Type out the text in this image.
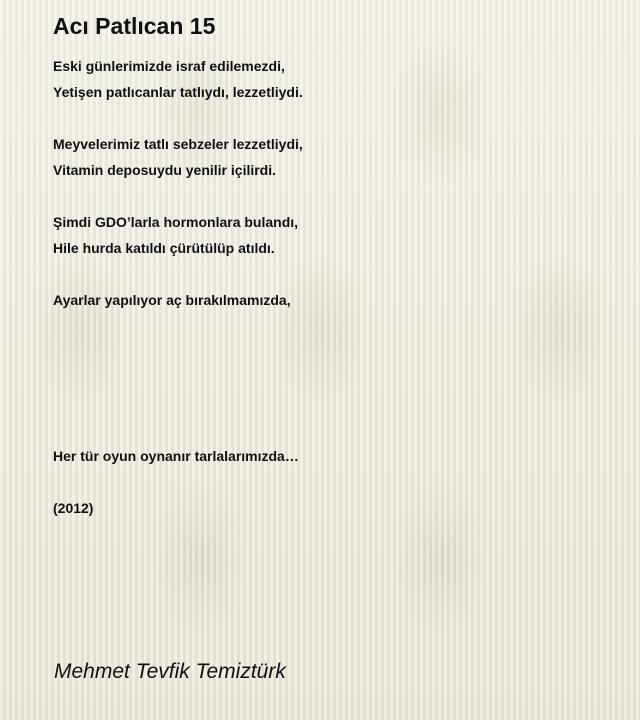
Acı Patlıcan 15
Eski günlerimizde israf edilemezdi,
Yetişen patlıcanlar tatlıydı, lezzetliydi.
Meyvelerimiz tatlı sebzeler lezzetliydi,
Vitamin deposuydu yenilir içilirdi.
Şimdi GDO’larla hormonlara bulandı,
Hile hurda katıldı çürütülüp atıldı.
Ayarlar yapılıyor aç bırakılmamızda,
Her tür oyun oynanır tarlalarımızda…
(2012)
Mehmet Tevfik Temiztürk
